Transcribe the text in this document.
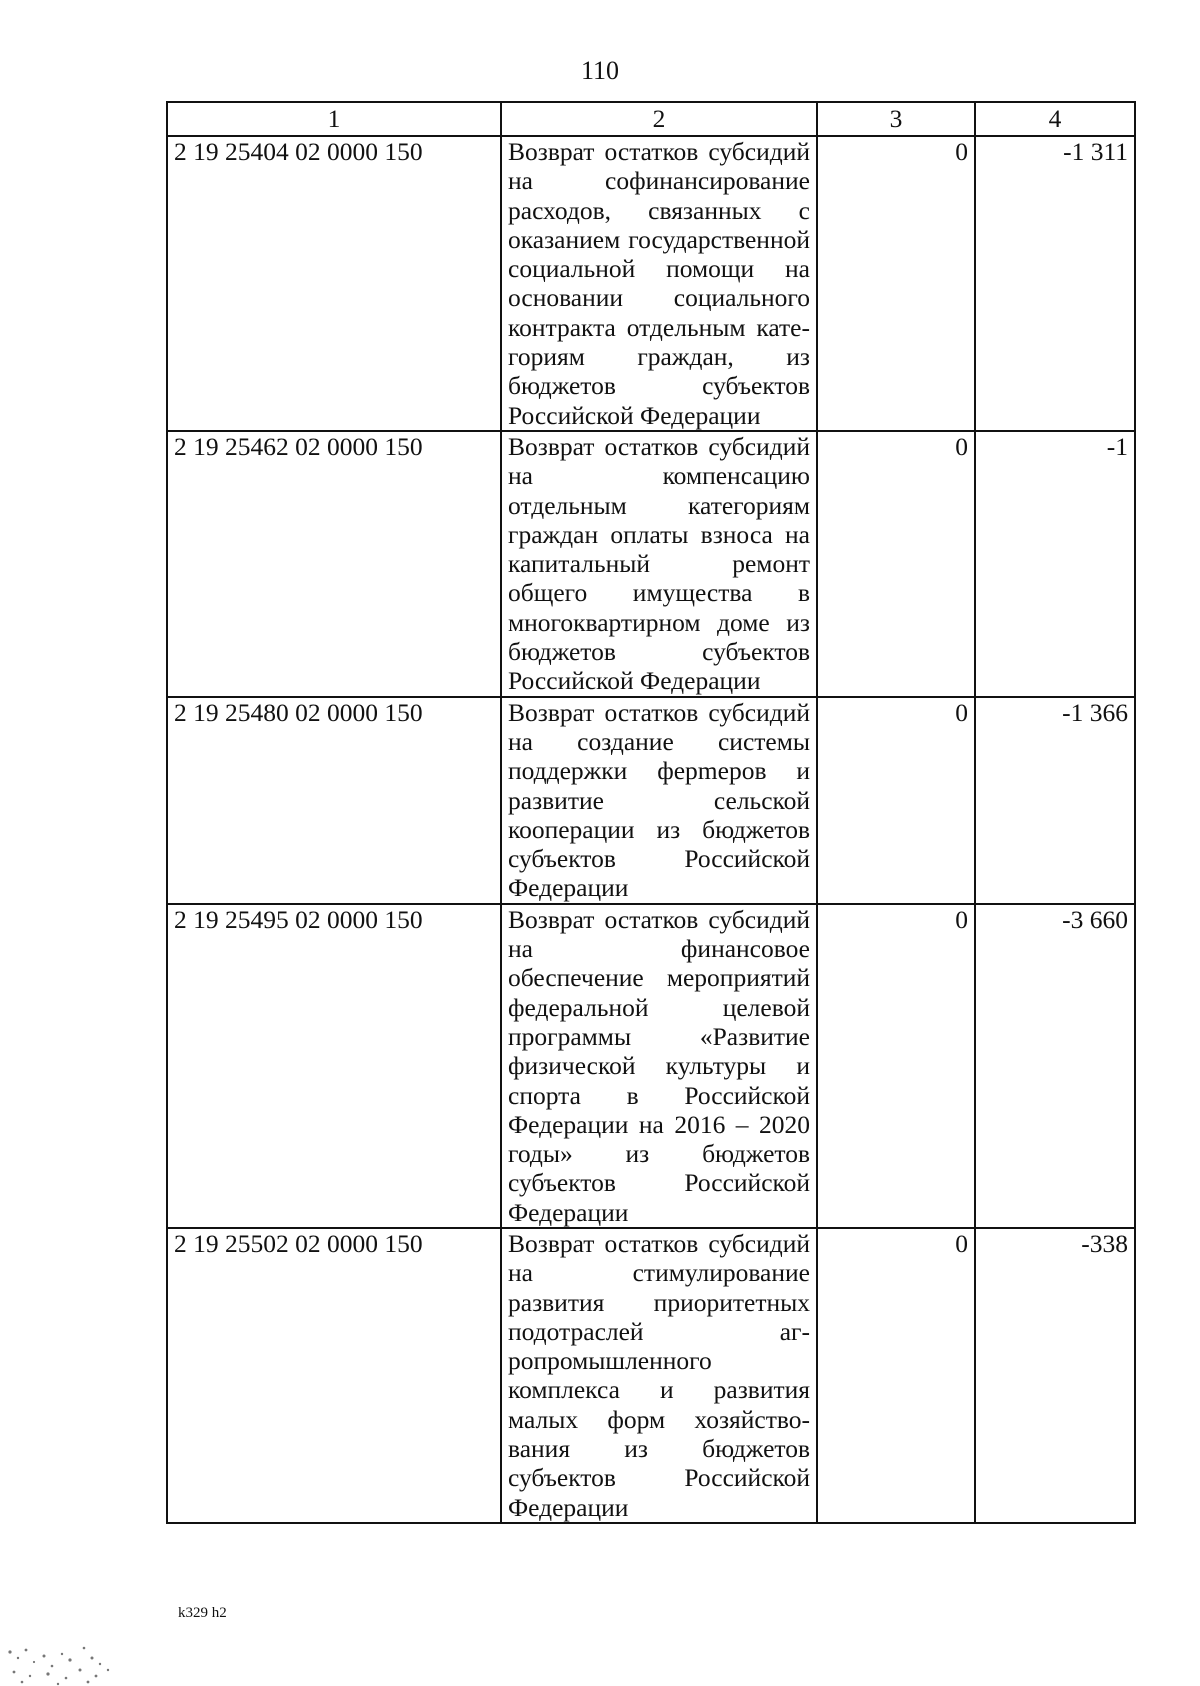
110
1	2	3	4
2 19 25404 02 0000 150	Возврат остатков субсидий на софинансирование расходов, связанных с оказанием государственной социальной помощи на основании социального контракта отдельным категориям граждан, из бюджетов субъектов Российской Федерации	0	-1 311
2 19 25462 02 0000 150	Возврат остатков субсидий на компенсацию отдельным категориям граждан оплаты взноса на капитальный ремонт общего имущества в многоквартирном доме из бюджетов субъектов Российской Федерации	0	-1
2 19 25480 02 0000 150	Возврат остатков субсидий на создание системы поддержки ферmеров и развитие сельской кооперации из бюджетов субъектов Российской Федерации	0	-1 366
2 19 25495 02 0000 150	Возврат остатков субсидий на финансовое обеспечение мероприятий федеральной целевой программы «Развитие физической культуры и спорта в Российской Федерации на 2016 – 2020 годы» из бюджетов субъектов Российской Федерации	0	-3 660
2 19 25502 02 0000 150	Возврат остатков субсидий на стимулирование развития приоритетных подотраслей агропромышленного комплекса и развития малых форм хозяйствования из бюджетов субъектов Российской Федерации	0	-338
k329 h2
